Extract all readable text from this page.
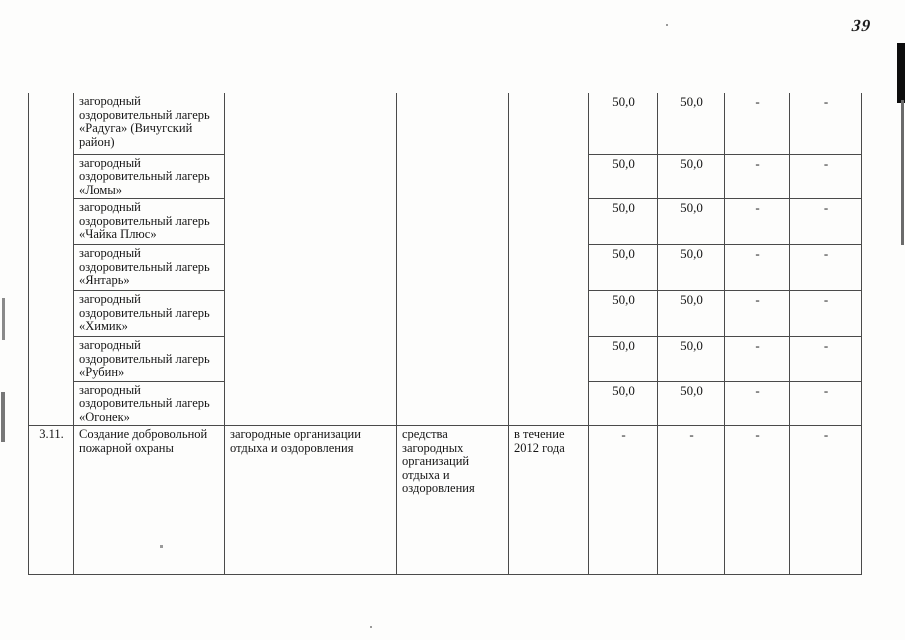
39
	загородный оздоровительный лагерь «Радуга» (Вичугский район)				50,0	50,0	-	-
	загородный оздоровительный лагерь «Ломы»				50,0	50,0	-	-
	загородный оздоровительный лагерь «Чайка Плюс»				50,0	50,0	-	-
	загородный оздоровительный лагерь «Янтарь»				50,0	50,0	-	-
	загородный оздоровительный лагерь «Химик»				50,0	50,0	-	-
	загородный оздоровительный лагерь «Рубин»				50,0	50,0	-	-
	загородный оздоровительный лагерь «Огонек»				50,0	50,0	-	-
3.11.	Создание добровольной пожарной охраны	загородные организации отдыха и оздоровления	средства загородных организаций отдыха и оздоровления	в течение 2012 года	-	-	-	-
